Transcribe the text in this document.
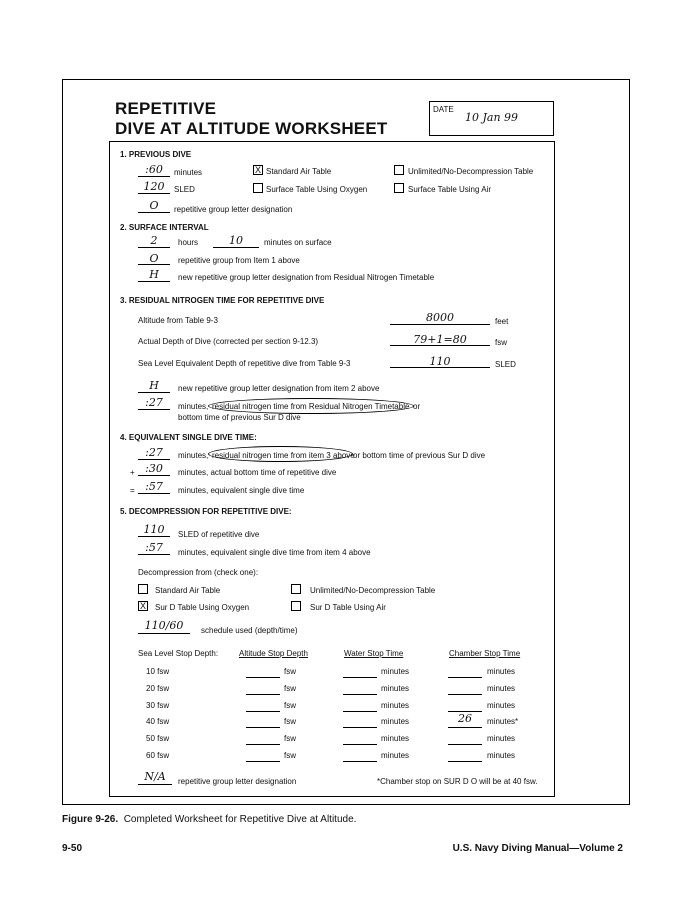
REPETITIVE
DIVE AT ALTITUDE WORKSHEET
DATE
10 Jan 99
1. PREVIOUS DIVE
:60	minutes	X Standard Air Table	Unlimited/No-Decompression Table
120	SLED	Surface Table Using Oxygen	Surface Table Using Air
O	repetitive group letter designation
2. SURFACE INTERVAL
2	hours	10	minutes on surface
O	repetitive group from Item 1 above
H	new repetitive group letter designation from Residual Nitrogen Timetable
3. RESIDUAL NITROGEN TIME FOR REPETITIVE DIVE
Altitude from Table 9-3	8000	feet
Actual Depth of Dive (corrected per section 9-12.3)	79+1=80	fsw
Sea Level Equivalent Depth of repetitive dive from Table 9-3	110	SLED
H	new repetitive group letter designation from item 2 above
:27	minutes, residual nitrogen time from Residual Nitrogen Timetable or
bottom time of previous Sur D dive
4. EQUIVALENT SINGLE DIVE TIME:
:27	minutes, residual nitrogen time from item 3 above
or bottom time of previous Sur D dive
+ :30	minutes, actual bottom time of repetitive dive
= :57	minutes, equivalent single dive time
5. DECOMPRESSION FOR REPETITIVE DIVE:
110	SLED of repetitive dive
:57	minutes, equivalent single dive time from item 4 above
Decompression from (check one):
Standard Air Table	Unlimited/No-Decompression Table
X Sur D Table Using Oxygen	Sur D Table Using Air
110/60	schedule used (depth/time)
Sea Level Stop Depth:	Altitude Stop Depth	Water Stop Time	Chamber Stop Time
10 fsw	fsw	minutes	minutes
20 fsw	fsw	minutes	minutes
30 fsw	fsw	minutes	minutes
40 fsw	fsw	minutes	26	minutes*
50 fsw	fsw	minutes	minutes
60 fsw	fsw	minutes	minutes
N/A	repetitive group letter designation	*Chamber stop on SUR D O will be at 40 fsw.
Figure 9-26. Completed Worksheet for Repetitive Dive at Altitude.
9-50	U.S. Navy Diving Manual—Volume 2
